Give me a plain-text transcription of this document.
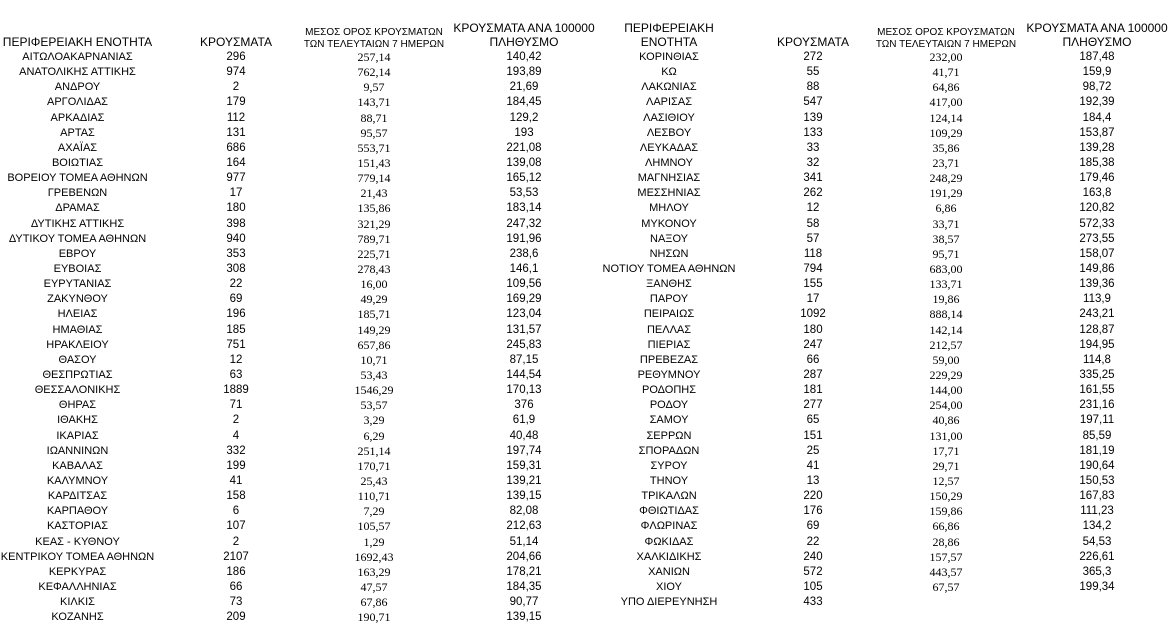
ΠΕΡΙΦΕΡΕΙΑΚΗ ΕΝΟΤΗΤΑ	ΚΡΟΥΣΜΑΤΑ
ΜΕΣΟΣ ΟΡΟΣ ΚΡΟΥΣΜΑΤΩΝ
ΤΩΝ ΤΕΛΕΥΤΑΙΩΝ 7 ΗΜΕΡΩΝ
ΚΡΟΥΣΜΑΤΑ ΑΝΑ 100000
ΠΛΗΘΥΣΜΟ
ΑΙΤΩΛΟΑΚΑΡΝΑΝΙΑΣ	296	257,14	140,42
ΑΝΑΤΟΛΙΚΗΣ ΑΤΤΙΚΗΣ	974	762,14	193,89
ΑΝΔΡΟΥ	2	9,57	21,69
ΑΡΓΟΛΙΔΑΣ	179	143,71	184,45
ΑΡΚΑΔΙΑΣ	112	88,71	129,2
ΑΡΤΑΣ	131	95,57	193
ΑΧΑΪΑΣ	686	553,71	221,08
ΒΟΙΩΤΙΑΣ	164	151,43	139,08
ΒΟΡΕΙΟΥ ΤΟΜΕΑ ΑΘΗΝΩΝ	977	779,14	165,12
ΓΡΕΒΕΝΩΝ	17	21,43	53,53
ΔΡΑΜΑΣ	180	135,86	183,14
ΔΥΤΙΚΗΣ ΑΤΤΙΚΗΣ	398	321,29	247,32
ΔΥΤΙΚΟΥ ΤΟΜΕΑ ΑΘΗΝΩΝ	940	789,71	191,96
ΕΒΡΟΥ	353	225,71	238,6
ΕΥΒΟΙΑΣ	308	278,43	146,1
ΕΥΡΥΤΑΝΙΑΣ	22	16,00	109,56
ΖΑΚΥΝΘΟΥ	69	49,29	169,29
ΗΛΕΙΑΣ	196	185,71	123,04
ΗΜΑΘΙΑΣ	185	149,29	131,57
ΗΡΑΚΛΕΙΟΥ	751	657,86	245,83
ΘΑΣΟΥ	12	10,71	87,15
ΘΕΣΠΡΩΤΙΑΣ	63	53,43	144,54
ΘΕΣΣΑΛΟΝΙΚΗΣ	1889	1546,29	170,13
ΘΗΡΑΣ	71	53,57	376
ΙΘΑΚΗΣ	2	3,29	61,9
ΙΚΑΡΙΑΣ	4	6,29	40,48
ΙΩΑΝΝΙΝΩΝ	332	251,14	197,74
ΚΑΒΑΛΑΣ	199	170,71	159,31
ΚΑΛΥΜΝΟΥ	41	25,43	139,21
ΚΑΡΔΙΤΣΑΣ	158	110,71	139,15
ΚΑΡΠΑΘΟΥ	6	7,29	82,08
ΚΑΣΤΟΡΙΑΣ	107	105,57	212,63
ΚΕΑΣ - ΚΥΘΝΟΥ	2	1,29	51,14
ΚΕΝΤΡΙΚΟΥ ΤΟΜΕΑ ΑΘΗΝΩΝ	2107	1692,43	204,66
ΚΕΡΚΥΡΑΣ	186	163,29	178,21
ΚΕΦΑΛΛΗΝΙΑΣ	66	47,57	184,35
ΚΙΛΚΙΣ	73	67,86	90,77
ΚΟΖΑΝΗΣ	209	190,71	139,15
ΠΕΡΙΦΕΡΕΙΑΚΗ ΕΝΟΤΗΤΑ	ΚΡΟΥΣΜΑΤΑ
ΜΕΣΟΣ ΟΡΟΣ ΚΡΟΥΣΜΑΤΩΝ
ΤΩΝ ΤΕΛΕΥΤΑΙΩΝ 7 ΗΜΕΡΩΝ
ΚΡΟΥΣΜΑΤΑ ΑΝΑ 100000
ΠΛΗΘΥΣΜΟ
ΚΟΡΙΝΘΙΑΣ	272	232,00	187,48
ΚΩ	55	41,71	159,9
ΛΑΚΩΝΙΑΣ	88	64,86	98,72
ΛΑΡΙΣΑΣ	547	417,00	192,39
ΛΑΣΙΘΙΟΥ	139	124,14	184,4
ΛΕΣΒΟΥ	133	109,29	153,87
ΛΕΥΚΑΔΑΣ	33	35,86	139,28
ΛΗΜΝΟΥ	32	23,71	185,38
ΜΑΓΝΗΣΙΑΣ	341	248,29	179,46
ΜΕΣΣΗΝΙΑΣ	262	191,29	163,8
ΜΗΛΟΥ	12	6,86	120,82
ΜΥΚΟΝΟΥ	58	33,71	572,33
ΝΑΞΟΥ	57	38,57	273,55
ΝΗΣΩΝ	118	95,71	158,07
ΝΟΤΙΟΥ ΤΟΜΕΑ ΑΘΗΝΩΝ	794	683,00	149,86
ΞΑΝΘΗΣ	155	133,71	139,36
ΠΑΡΟΥ	17	19,86	113,9
ΠΕΙΡΑΙΩΣ	1092	888,14	243,21
ΠΕΛΛΑΣ	180	142,14	128,87
ΠΙΕΡΙΑΣ	247	212,57	194,95
ΠΡΕΒΕΖΑΣ	66	59,00	114,8
ΡΕΘΥΜΝΟΥ	287	229,29	335,25
ΡΟΔΟΠΗΣ	181	144,00	161,55
ΡΟΔΟΥ	277	254,00	231,16
ΣΑΜΟΥ	65	40,86	197,11
ΣΕΡΡΩΝ	151	131,00	85,59
ΣΠΟΡΑΔΩΝ	25	17,71	181,19
ΣΥΡΟΥ	41	29,71	190,64
ΤΗΝΟΥ	13	12,57	150,53
ΤΡΙΚΑΛΩΝ	220	150,29	167,83
ΦΘΙΩΤΙΔΑΣ	176	159,86	111,23
ΦΛΩΡΙΝΑΣ	69	66,86	134,2
ΦΩΚΙΔΑΣ	22	28,86	54,53
ΧΑΛΚΙΔΙΚΗΣ	240	157,57	226,61
ΧΑΝΙΩΝ	572	443,57	365,3
ΧΙΟΥ	105	67,57	199,34
ΥΠΟ ΔΙΕΡΕΥΝΗΣΗ	433
